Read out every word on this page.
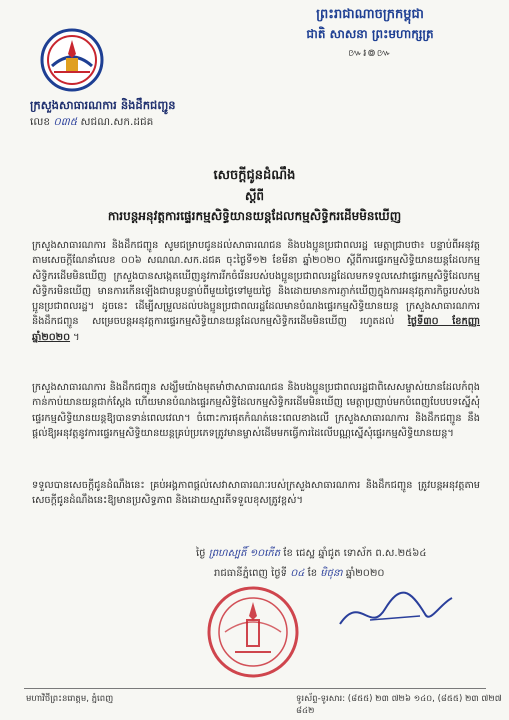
ព្រះរាជាណាចក្រកម្ពុជា
ជាតិ សាសនា ព្រះមហាក្សត្រ
៚៛៙៚
ក្រសួងសាធារណការ និងដឹកជញ្ជូន
លេខ ០៣៥ សជណ.សក.ដជគ
សេចក្តីជូនដំណឹង
ស្តីពី
ការបន្តអនុវត្តការផ្ទេរកម្មសិទ្ធិយានយន្តដែលកម្មសិទ្ធិករដើមមិនឃើញ
ក្រសួងសាធារណការ និងដឹកជញ្ជូន សូមជម្រាបជូនដល់សាធារណជន និងបងប្អូនប្រជាពលរដ្ឋ មេត្តាជ្រាបថា៖ បន្ទាប់ពីអនុវត្តតាមសេចក្តីណែនាំលេខ ០០៦ សណណ.សក.ដជគ ចុះថ្ងៃទី១២ ខែមីនា ឆ្នាំ២០២០ ស្តីពីការផ្ទេរកម្មសិទ្ធិយានយន្តដែលកម្មសិទ្ធិករដើមមិនឃើញ ក្រសួងបានសង្កេតឃើញនូវការរីកចំរើនរបស់បងប្អូនប្រជាពលរដ្ឋដែលមកទទួលសេវាផ្ទេរកម្មសិទ្ធិដែលកម្មសិទ្ធិករមិនឃើញ មានការកើនឡើងជាបន្តបន្ទាប់ពីមួយថ្ងៃទៅមួយថ្ងៃ និងដោយមានការភ្ញាក់ឃើញក្នុងការអនុវត្តភារកិច្ចរបស់បងប្អូនប្រជាពលរដ្ឋ។ ដូចនេះ ដើម្បីសម្រួលដល់បងប្អូនប្រជាពលរដ្ឋដែលមានបំណងផ្ទេរកម្មសិទ្ធិយានយន្ត ក្រសួងសាធារណការ និងដឹកជញ្ជូន សម្រេចបន្តអនុវត្តការផ្ទេរកម្មសិទ្ធិយានយន្តដែលកម្មសិទ្ធិករដើមមិនឃើញ រហូតដល់ ថ្ងៃទី៣០ ខែកញ្ញា ឆ្នាំ២០២០ ។
ក្រសួងសាធារណការ និងដឹកជញ្ជូន សង្ឃឹមយ៉ាងមុតមាំថាសាធារណជន និងបងប្អូនប្រជាពលរដ្ឋជាពិសេសម្ចាស់យានដែលកំពុងកាន់កាប់យានយន្តជាក់ស្តែង ហើយមានបំណងផ្ទេរកម្មសិទ្ធិដែលកម្មសិទ្ធិករដើមមិនឃើញ មេត្តាប្រញាប់មកបំពេញបែបបទស្នើសុំផ្ទេរកម្មសិទ្ធិយានយន្តឱ្យបានទាន់ពេលវេលា។ ចំពោះការផុតកំណត់នេះពេលខាងលើ ក្រសួងសាធារណការ និងដឹកជញ្ជូន នឹងផ្តល់ឱ្យអនុវត្តនូវការផ្ទេរកម្មសិទ្ធិយានយន្តគ្រប់ប្រភេទត្រូវមានម្ចាស់ដើមមកធ្វើការដៃលើបណ្ណស្នើសុំផ្ទេរកម្មសិទ្ធិយានយន្ត។
ទទួលបានសេចក្តីជូនដំណឹងនេះ គ្រប់អង្គភាពផ្តល់សេវាសាធារណៈរបស់ក្រសួងសាធារណការ និងដឹកជញ្ជូន ត្រូវបន្តអនុវត្តតាមសេចក្តីជូនដំណឹងនេះឱ្យមានប្រសិទ្ធភាព និងដោយស្មារតីទទួលខុសត្រូវខ្ពស់។
ថ្ងៃ ព្រហស្បតិ៍ ១០កើត ខែ ជេស្ឋ ឆ្នាំជូត ទោស័ក ព.ស.២៥៦៤
រាជធានីភ្នំពេញ ថ្ងៃទី ០៤ ខែ មិថុនា ឆ្នាំ២០២០
មហាវិថីព្រះនរោត្តម, ភ្នំពេញ	ទូរស័ព្ទ-ទូរសារ: (៨៥៥) ២៣ ៧២៦ ១៤០, (៨៥៥) ២៣ ៧២៧ ៨៤២
